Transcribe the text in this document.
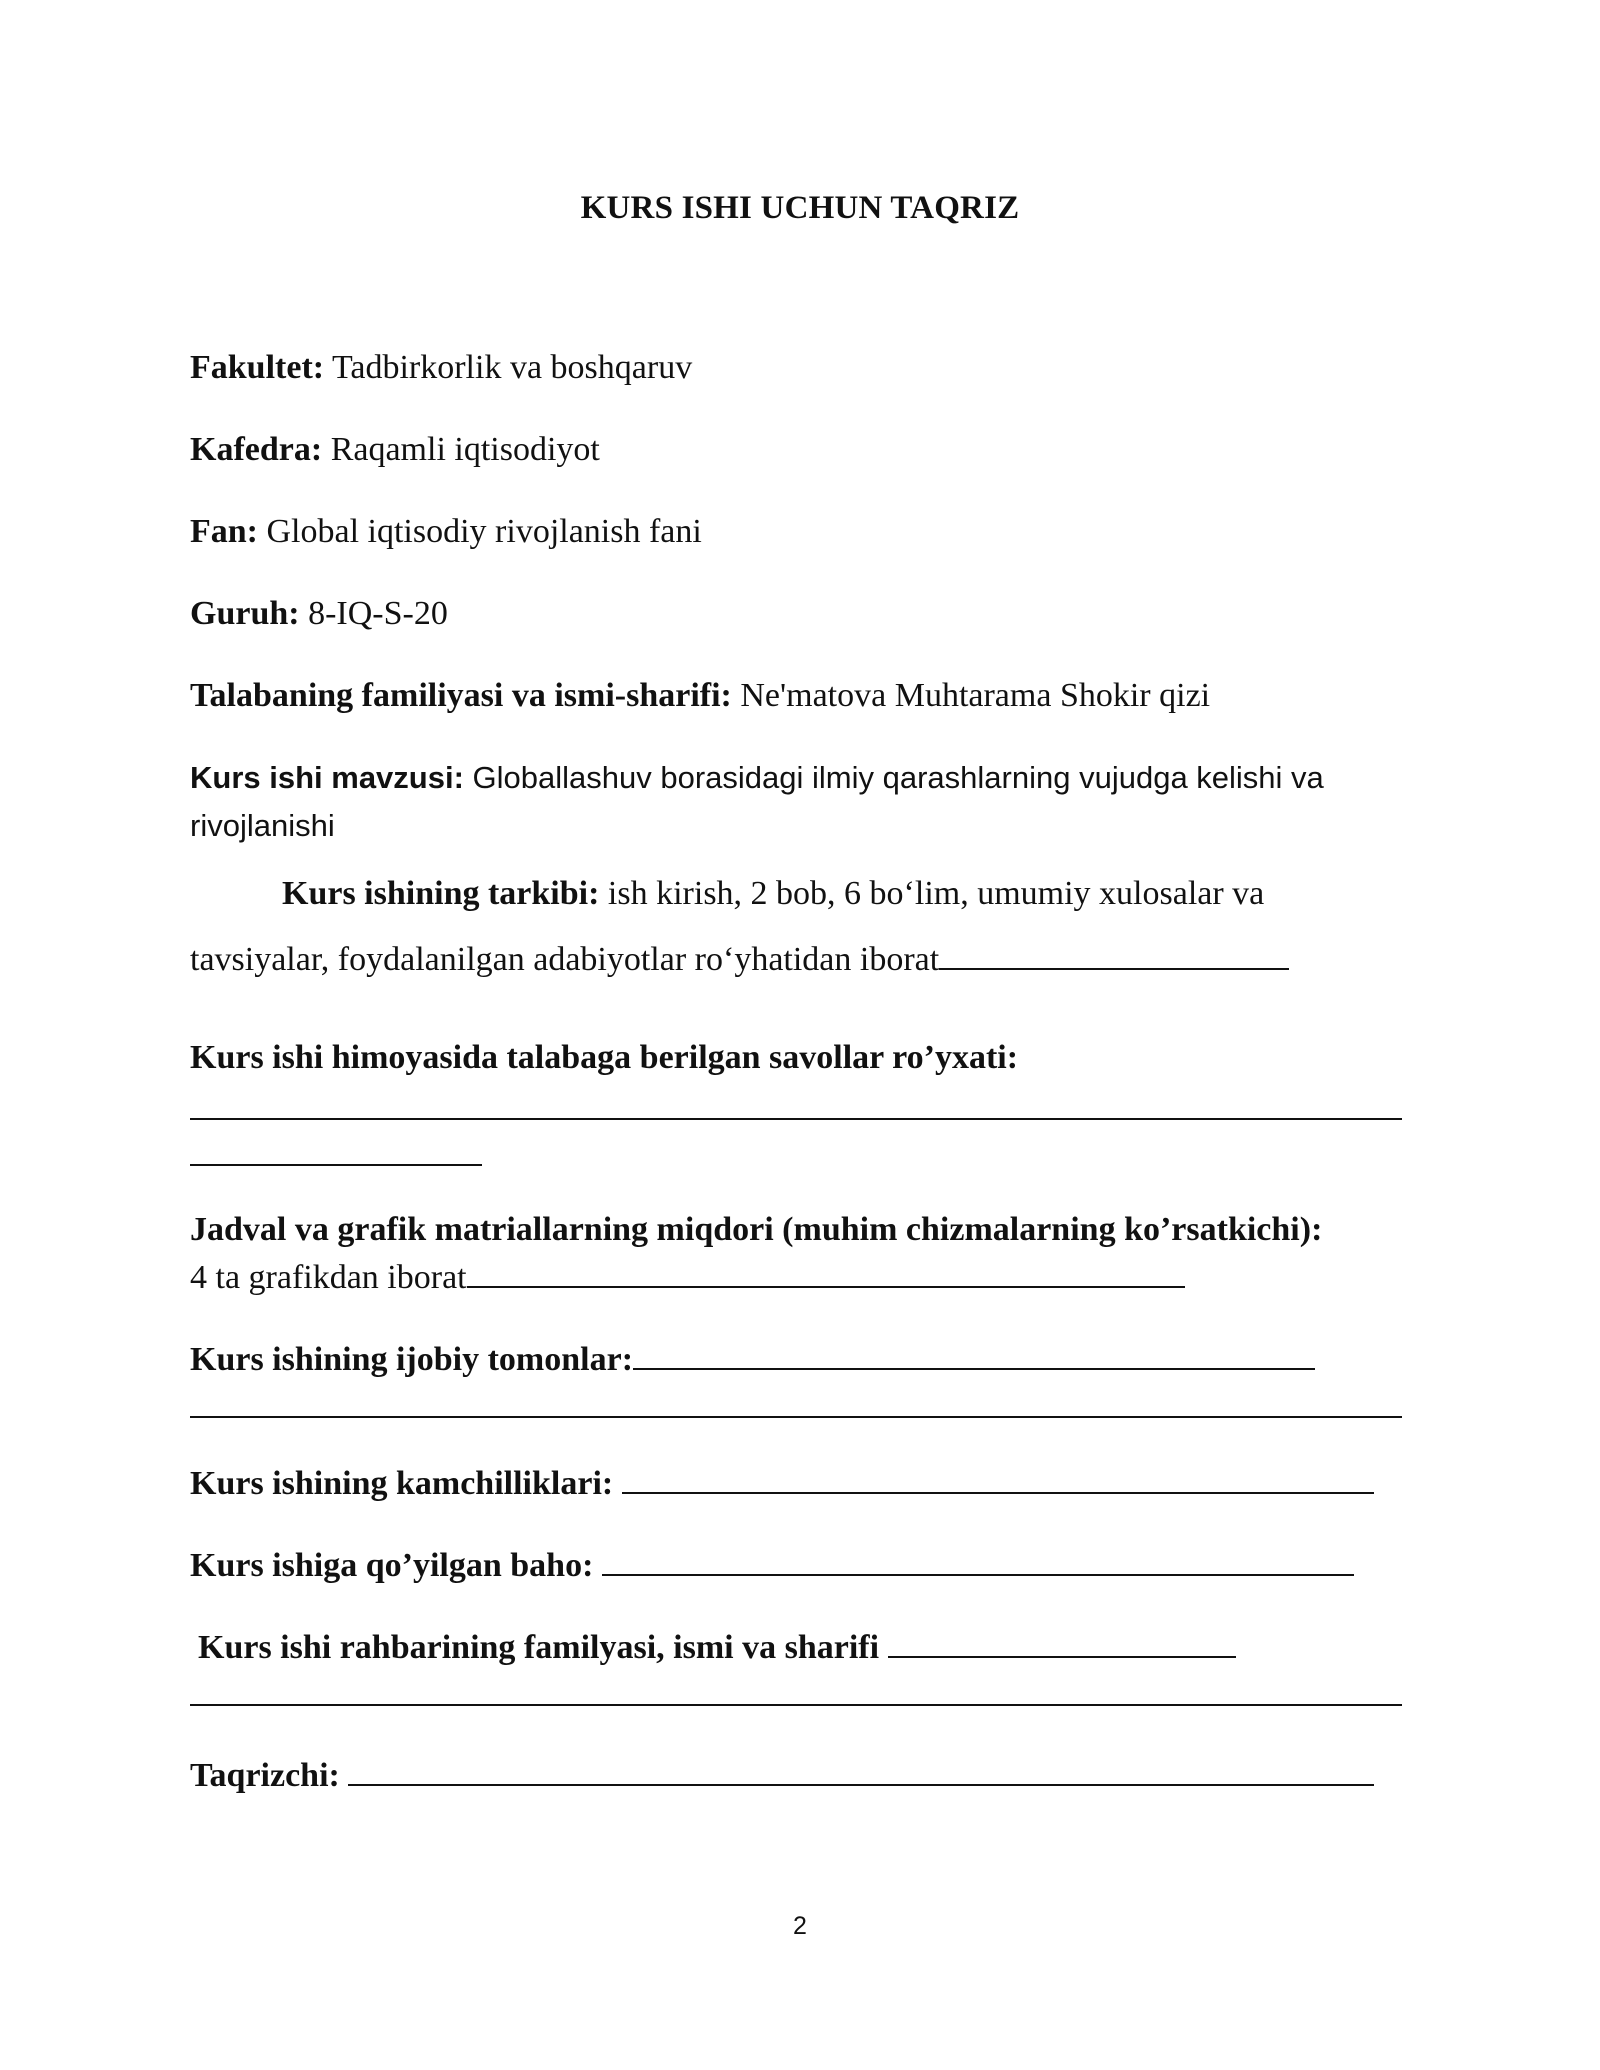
KURS ISHI UCHUN TAQRIZ
Fakultet: Tadbirkorlik va boshqaruv
Kafedra: Raqamli iqtisodiyot
Fan: Global iqtisodiy rivojlanish fani
Guruh: 8-IQ-S-20
Talabaning familiyasi va ismi-sharifi: Ne'matova Muhtarama Shokir qizi
Kurs ishi mavzusi: Globallashuv borasidagi ilmiy qarashlarning vujudga kelishi va
rivojlanishi
Kurs ishining tarkibi: ish kirish, 2 bob, 6 bo‘lim, umumiy xulosalar va
tavsiyalar, foydalanilgan adabiyotlar ro‘yhatidan iborat
Kurs ishi himoyasida talabaga berilgan savollar ro’yxati:
Jadval va grafik matriallarning miqdori (muhim chizmalarning ko’rsatkichi):
4 ta grafikdan iborat
Kurs ishining ijobiy tomonlar:
Kurs ishining kamchilliklari:
Kurs ishiga qo’yilgan baho:
Kurs ishi rahbarining familyasi, ismi va sharifi
Taqrizchi:
2
